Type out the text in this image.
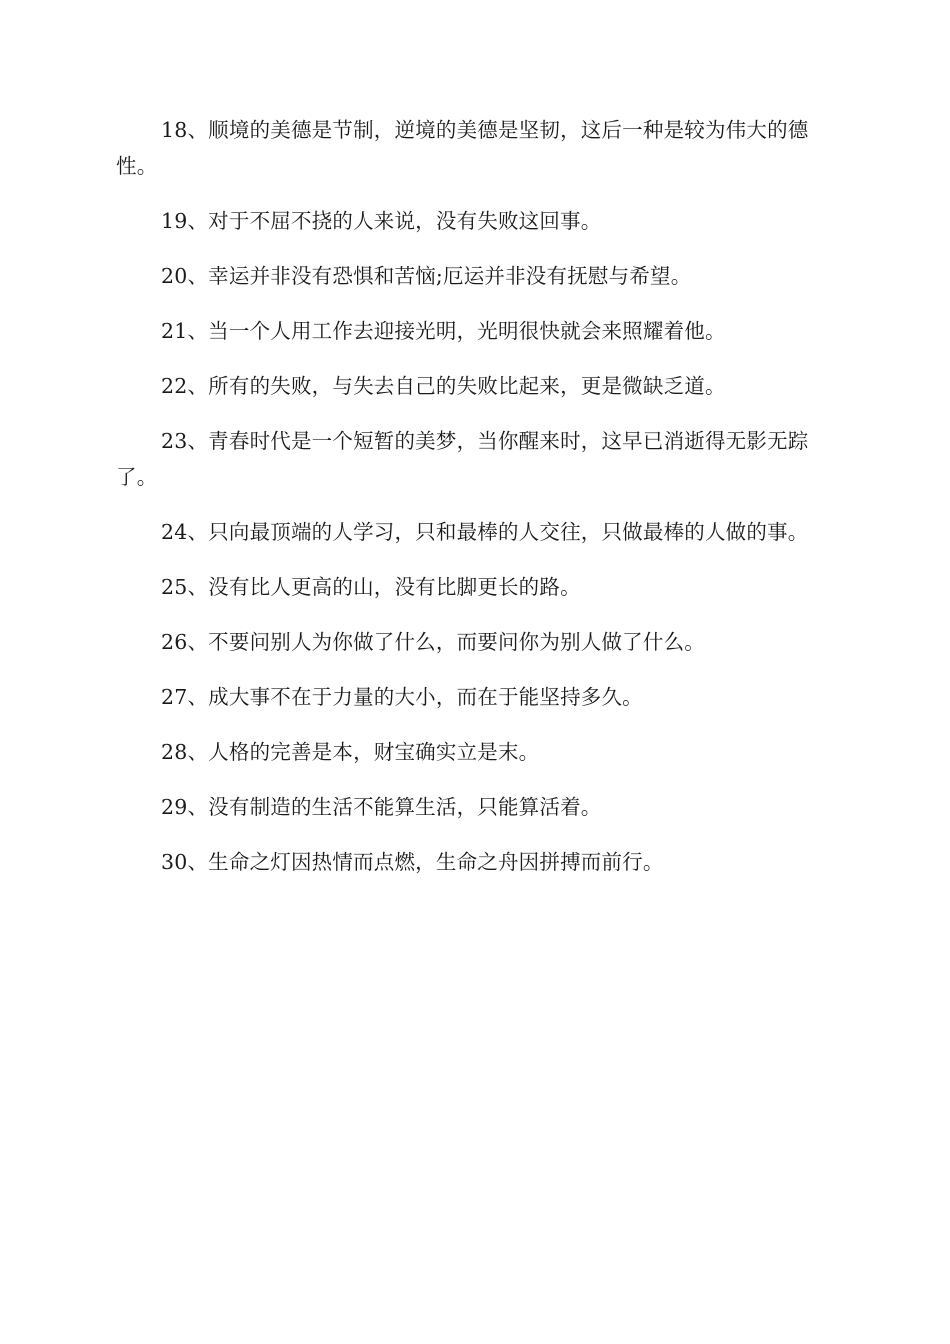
18、顺境的美德是节制，逆境的美德是坚韧，这后一种是较为伟大的德性。

19、对于不屈不挠的人来说，没有失败这回事。

20、幸运并非没有恐惧和苦恼;厄运并非没有抚慰与希望。

21、当一个人用工作去迎接光明，光明很快就会来照耀着他。

22、所有的失败，与失去自己的失败比起来，更是微缺乏道。

23、青春时代是一个短暂的美梦，当你醒来时，这早已消逝得无影无踪了。

24、只向最顶端的人学习，只和最棒的人交往，只做最棒的人做的事。

25、没有比人更高的山，没有比脚更长的路。

26、不要问别人为你做了什么，而要问你为别人做了什么。

27、成大事不在于力量的大小，而在于能坚持多久。

28、人格的完善是本，财宝确实立是末。

29、没有制造的生活不能算生活，只能算活着。

30、生命之灯因热情而点燃，生命之舟因拼搏而前行。
